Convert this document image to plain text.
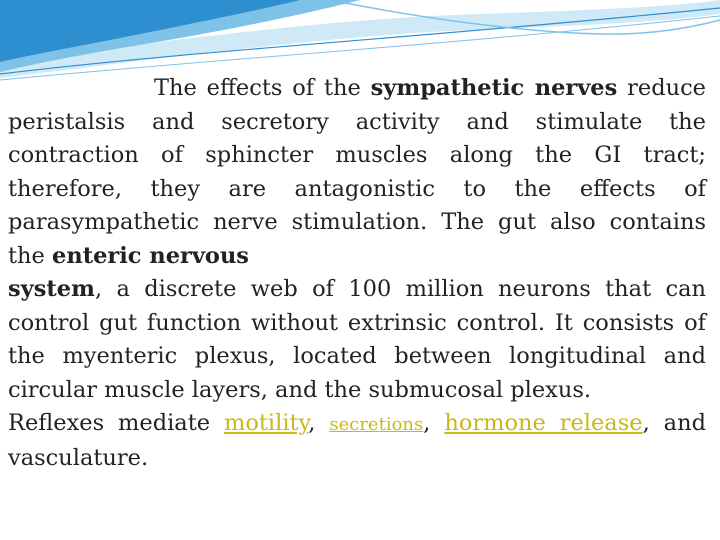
The effects of the sympathetic nerves reduce peristalsis and secretory activity and stimulate the contraction of sphincter muscles along the GI tract; therefore, they are antagonistic to the effects of parasympathetic nerve stimulation. The gut also contains the enteric nervous
system, a discrete web of 100 million neurons that can control gut function without extrinsic control. It consists of the myenteric plexus, located between longitudinal and circular muscle layers, and the submucosal plexus.
Reflexes mediate motility, secretions, hormone release, and vasculature.
